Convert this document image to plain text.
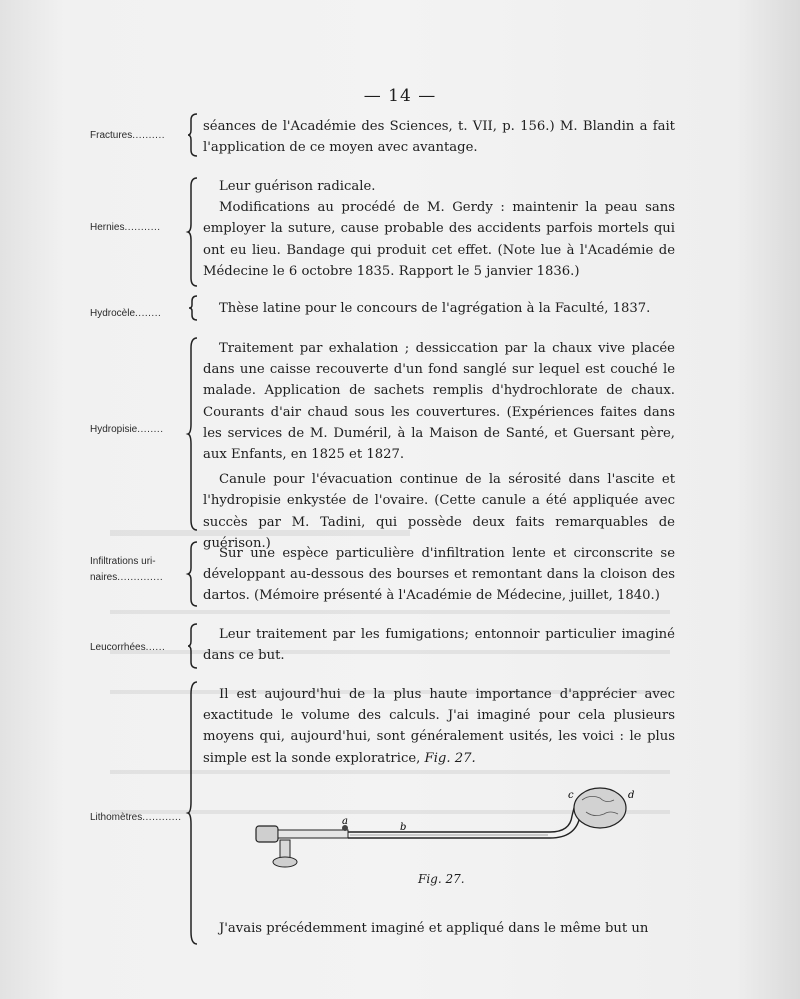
— 14 —
Fractures..........

séances de l'Académie des Sciences, t. VII, p. 156.) M. Blandin a fait l'application de ce moyen avec avantage.

Hernies...........

Leur guérison radicale.

Modifications au procédé de M. Gerdy : maintenir la peau sans employer la suture, cause probable des accidents parfois mortels qui ont eu lieu. Bandage qui produit cet effet. (Note lue à l'Académie de Médecine le 6 octobre 1835. Rapport le 5 janvier 1836.)

Hydrocèle........	Thèse latine pour le concours de l'agrégation à la Faculté, 1837.

Hydropisie........

Traitement par exhalation ; dessiccation par la chaux vive placée dans une caisse recouverte d'un fond sanglé sur lequel est couché le malade. Application de sachets remplis d'hydrochlorate de chaux. Courants d'air chaud sous les couvertures. (Expériences faites dans les services de M. Duméril, à la Maison de Santé, et Guersant père, aux Enfants, en 1825 et 1827.

Canule pour l'évacuation continue de la sérosité dans l'ascite et l'hydropisie enkystée de l'ovaire. (Cette canule a été appliquée avec succès par M. Tadini, qui possède deux faits remarquables de guérison.)

Infiltrations uri-
naires..............

Sur une espèce particulière d'infiltration lente et circonscrite se développant au-dessous des bourses et remontant dans la cloison des dartos. (Mémoire présenté à l'Académie de Médecine, juillet, 1840.)

Leucorrhées......

Leur traitement par les fumigations; entonnoir particulier imaginé dans ce but.

Lithomètres............

Il est aujourd'hui de la plus haute importance d'apprécier avec exactitude le volume des calculs. J'ai imaginé pour cela plusieurs moyens qui, aujourd'hui, sont généralement usités, les voici : le plus simple est la sonde exploratrice, Fig. 27.

a
b
c	d
Fig. 27.

J'avais précédemment imaginé et appliqué dans le même but un
